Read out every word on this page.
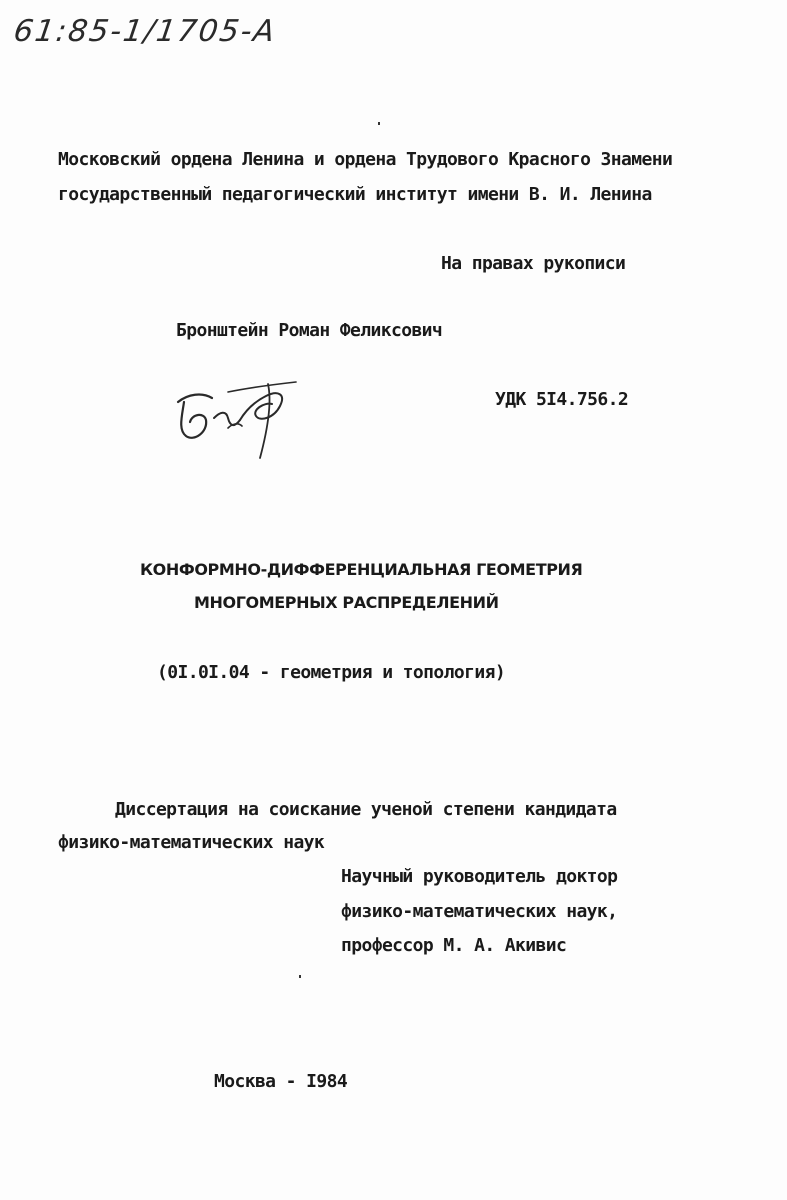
61:85-1/1705-A
Московский ордена Ленина и ордена Трудового Красного Знамени
государственный педагогический институт имени В. И. Ленина
На правах рукописи
Бронштейн Роман Феликсович
УДК 5I4.756.2
КОНФОРМНО-ДИФФЕРЕНЦИАЛЬНАЯ ГЕОМЕТРИЯ
МНОГОМЕРНЫХ РАСПРЕДЕЛЕНИЙ
(0I.0I.04 - геометрия и топология)
Диссертация на соискание ученой степени кандидата
физико-математических наук
Научный руководитель доктор
физико-математических наук,
профессор М. А. Акивис
Москва - I984
